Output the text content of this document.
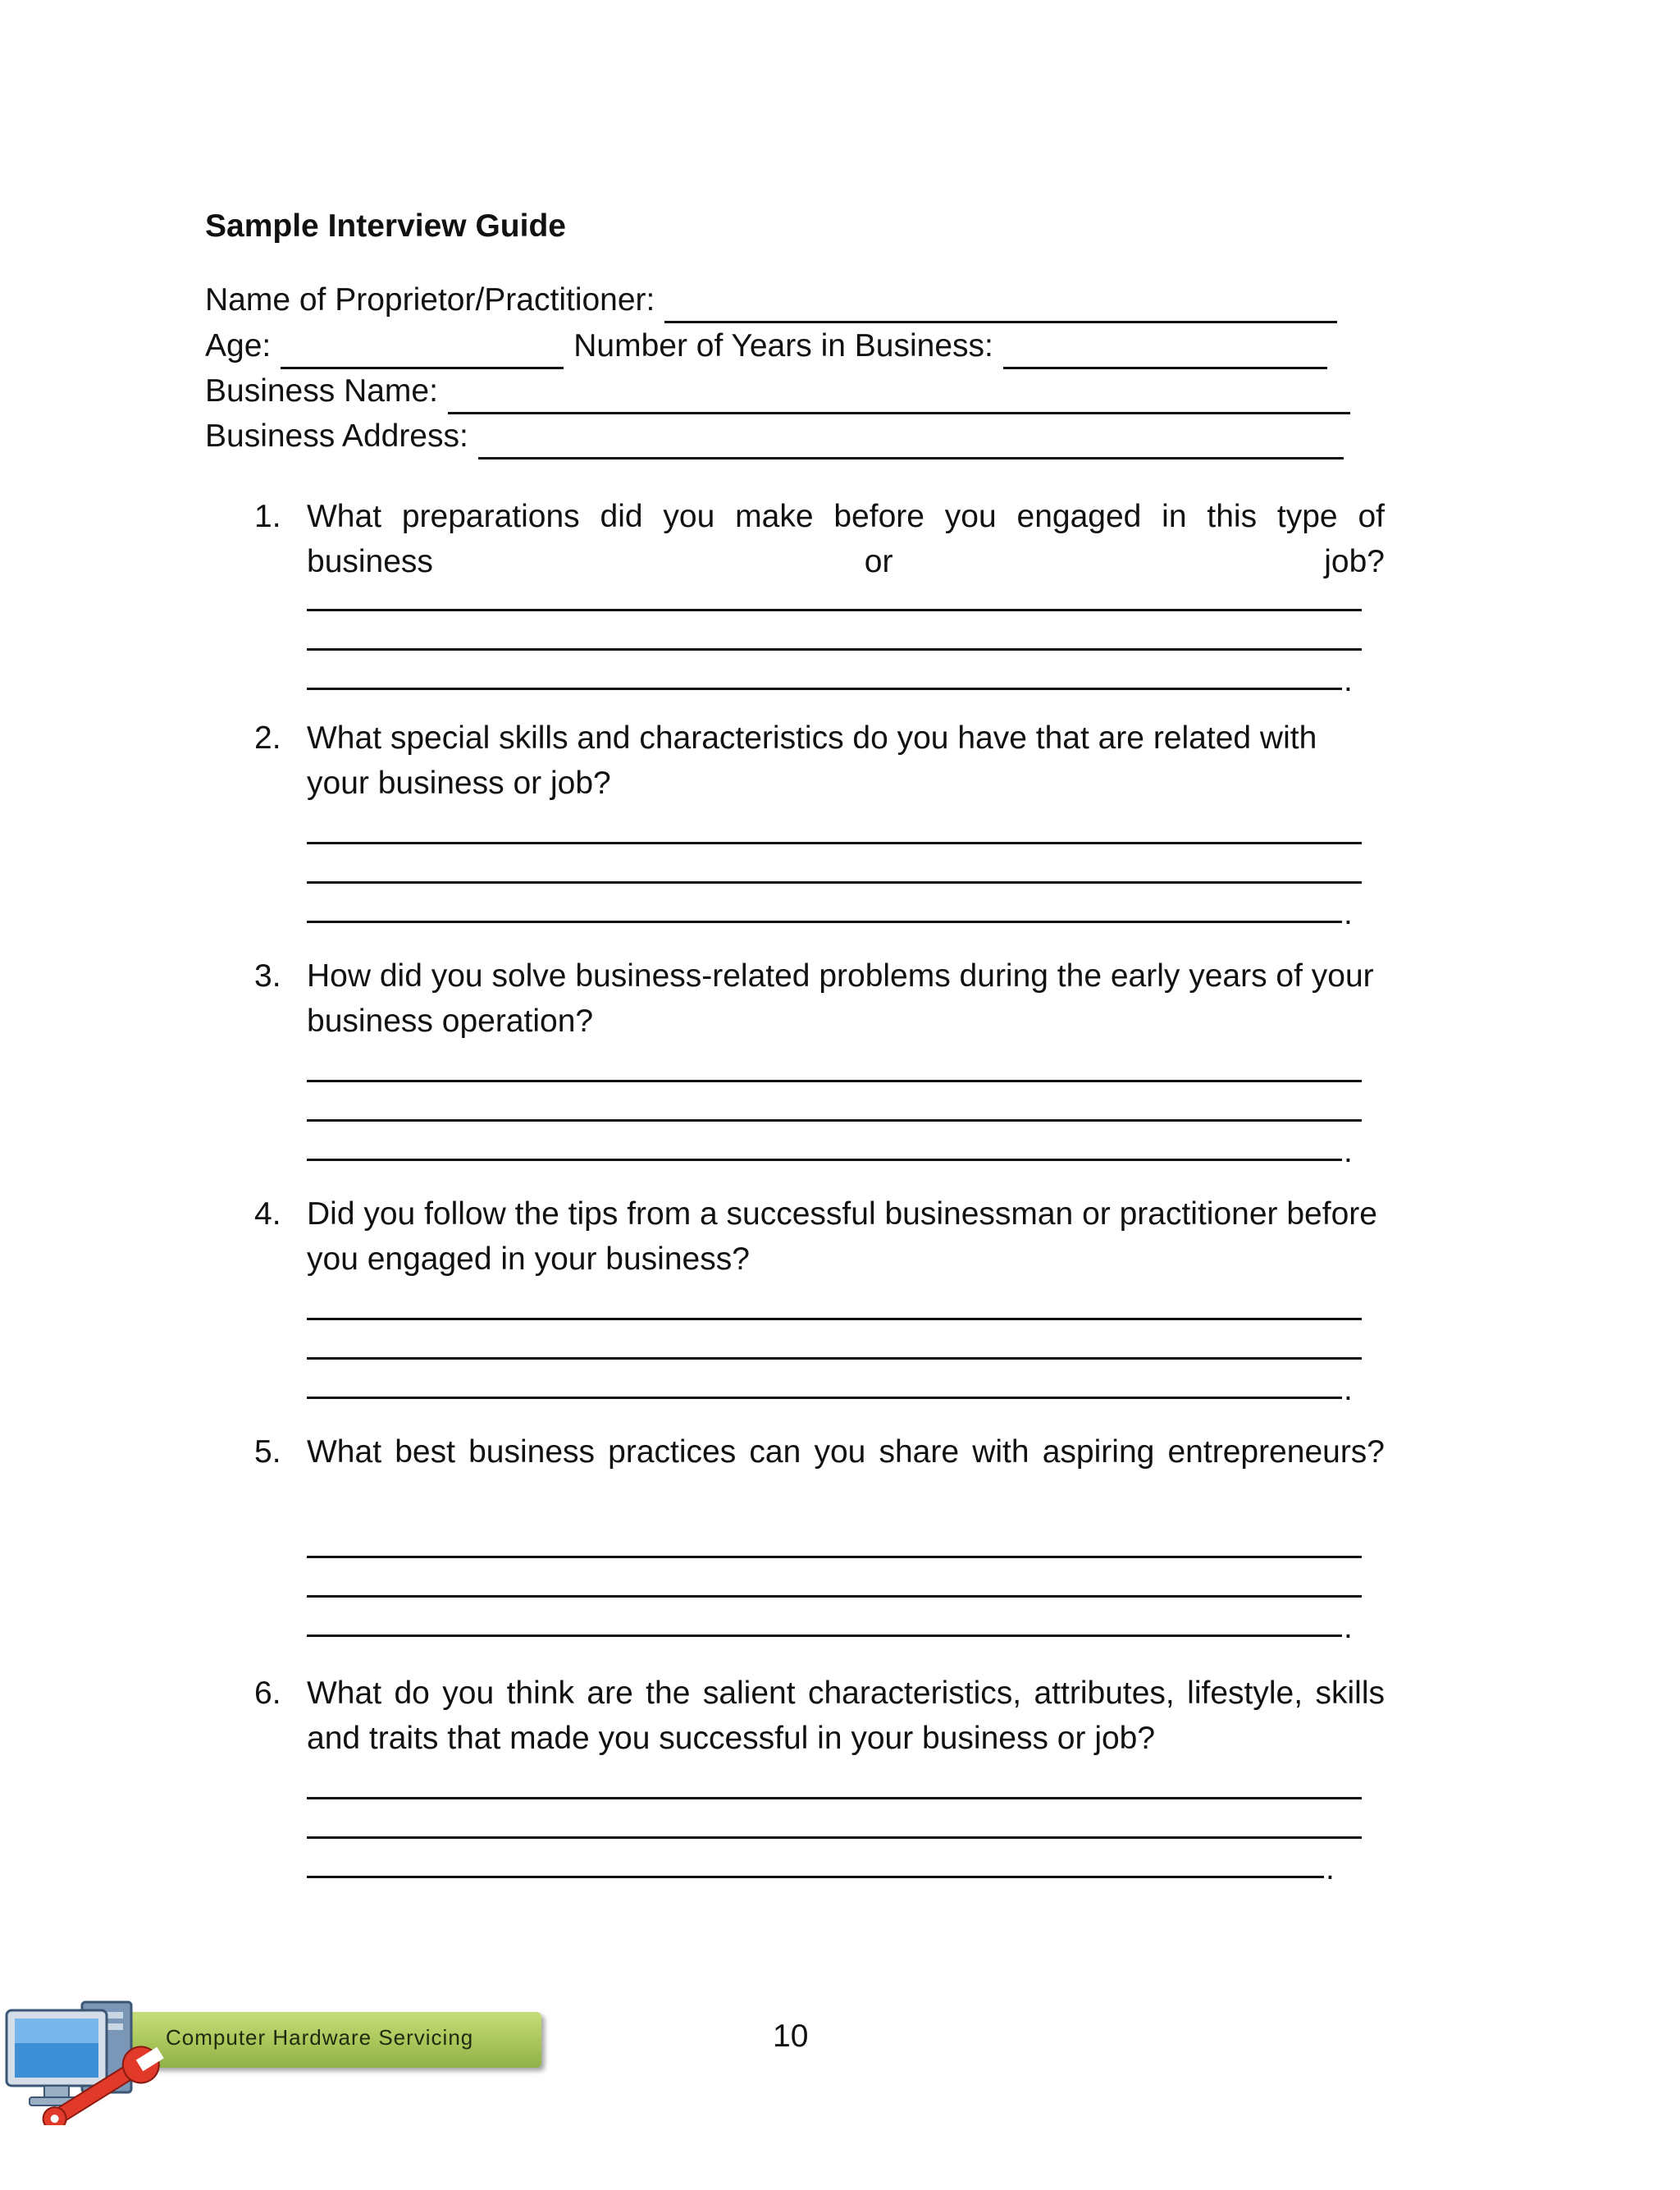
Sample Interview Guide
Name of Proprietor/Practitioner:
Age:	Number of Years in Business:
Business Name:
Business Address:
1. What preparations did you make before you engaged in this type of business or job?
.
2. What special skills and characteristics do you have that are related with your business or job?
.
3. How did you solve business-related problems during the early years of your business operation?
.
4. Did you follow the tips from a successful businessman or practitioner before you engaged in your business?
.
5. What best business practices can you share with aspiring entrepreneurs?
.
6. What do you think are the salient characteristics, attributes, lifestyle, skills and traits that made you successful in your business or job?
.
Computer Hardware Servicing	10
